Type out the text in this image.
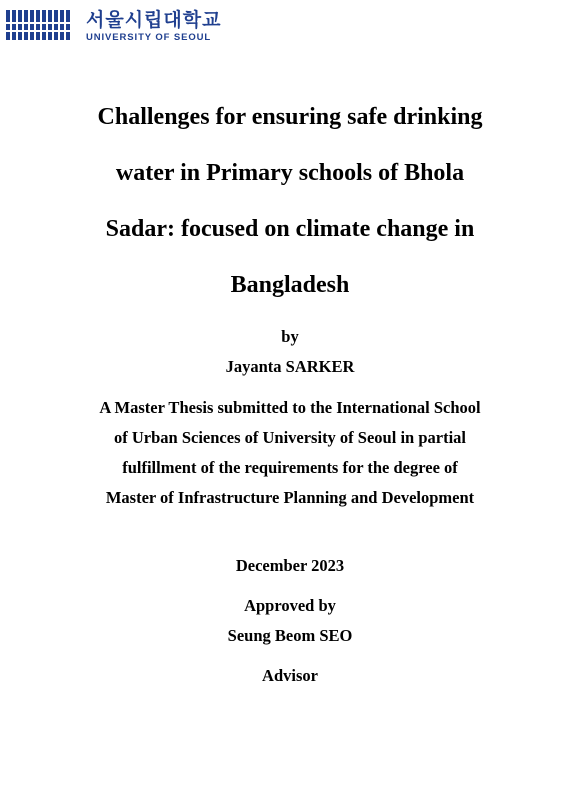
서울시립대학교
UNIVERSITY OF SEOUL
Challenges for ensuring safe drinking
water in Primary schools of Bhola
Sadar: focused on climate change in
Bangladesh
by
Jayanta SARKER
A Master Thesis submitted to the International School
of Urban Sciences of University of Seoul in partial
fulfillment of the requirements for the degree of
Master of Infrastructure Planning and Development
December 2023
Approved by
Seung Beom SEO
Advisor
